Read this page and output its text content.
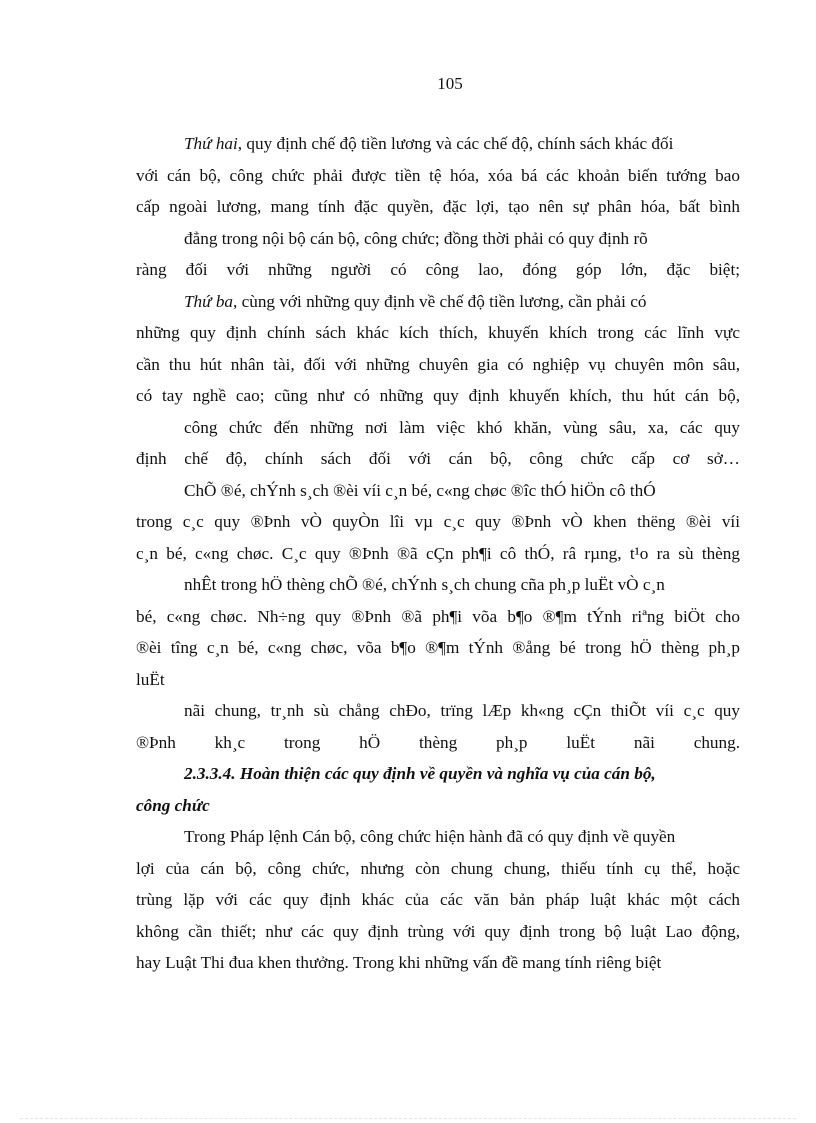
105
Thứ hai, quy định chế độ tiền lương và các chế độ, chính sách khác đối
với cán bộ, công chức phải được tiền tệ hóa, xóa bá các khoản biến tướng bao
cấp ngoài lương, mang tính đặc quyền, đặc lợi, tạo nên sự phân hóa, bất bình
đẳng trong nội bộ cán bộ, công chức; đồng thời phải có quy định rõ
ràng đối với những người có công lao, đóng góp lớn, đặc biệt;
Thứ ba, cùng với những quy định về chế độ tiền lương, cần phải có
những quy định chính sách khác kích thích, khuyến khích trong các lĩnh vực
cần thu hút nhân tài, đối với những chuyên gia có nghiệp vụ chuyên môn sâu,
có tay nghề cao; cũng như có những quy định khuyến khích, thu hút cán bộ,
công chức đến những nơi làm việc khó khăn, vùng sâu, xa, các quy
định chế độ, chính sách đối với cán bộ, công chức cấp cơ sở…
ChÕ ®é, chÝnh s¸ch ®èi víi c¸n bé, c«ng chøc ®îc thÓ hiÖn cô thÓ
trong c¸c quy ®Þnh vÒ quyÒn lîi vµ c¸c quy ®Þnh vÒ khen thëng ®èi víi
c¸n bé, c«ng chøc. C¸c quy ®Þnh ®ã cÇn ph¶i cô thÓ, râ rµng, t¹o ra sù thèng
nhÊt trong hÖ thèng chÕ ®é, chÝnh s¸ch chung cña ph¸p luËt vÒ c¸n
bé, c«ng chøc. Nh÷ng quy ®Þnh ®ã ph¶i võa b¶o ®¶m tÝnh riªng biÖt cho
®èi tîng c¸n bé, c«ng chøc, võa b¶o ®¶m tÝnh ®ång bé trong hÖ thèng ph¸p
luËt
nãi chung, tr¸nh sù chång chÐo, trïng lÆp kh«ng cÇn thiÕt víi c¸c quy
®Þnh kh¸c trong hÖ thèng ph¸p luËt nãi chung.
2.3.3.4. Hoàn thiện các quy định về quyền và nghĩa vụ của cán bộ,
công chức
Trong Pháp lệnh Cán bộ, công chức hiện hành đã có quy định về quyền
lợi của cán bộ, công chức, nhưng còn chung chung, thiếu tính cụ thể, hoặc
trùng lặp với các quy định khác của các văn bản pháp luật khác một cách
không cần thiết; như các quy định trùng với quy định trong bộ luật Lao động,
hay Luật Thi đua khen thưởng. Trong khi những vấn đề mang tính riêng biệt
